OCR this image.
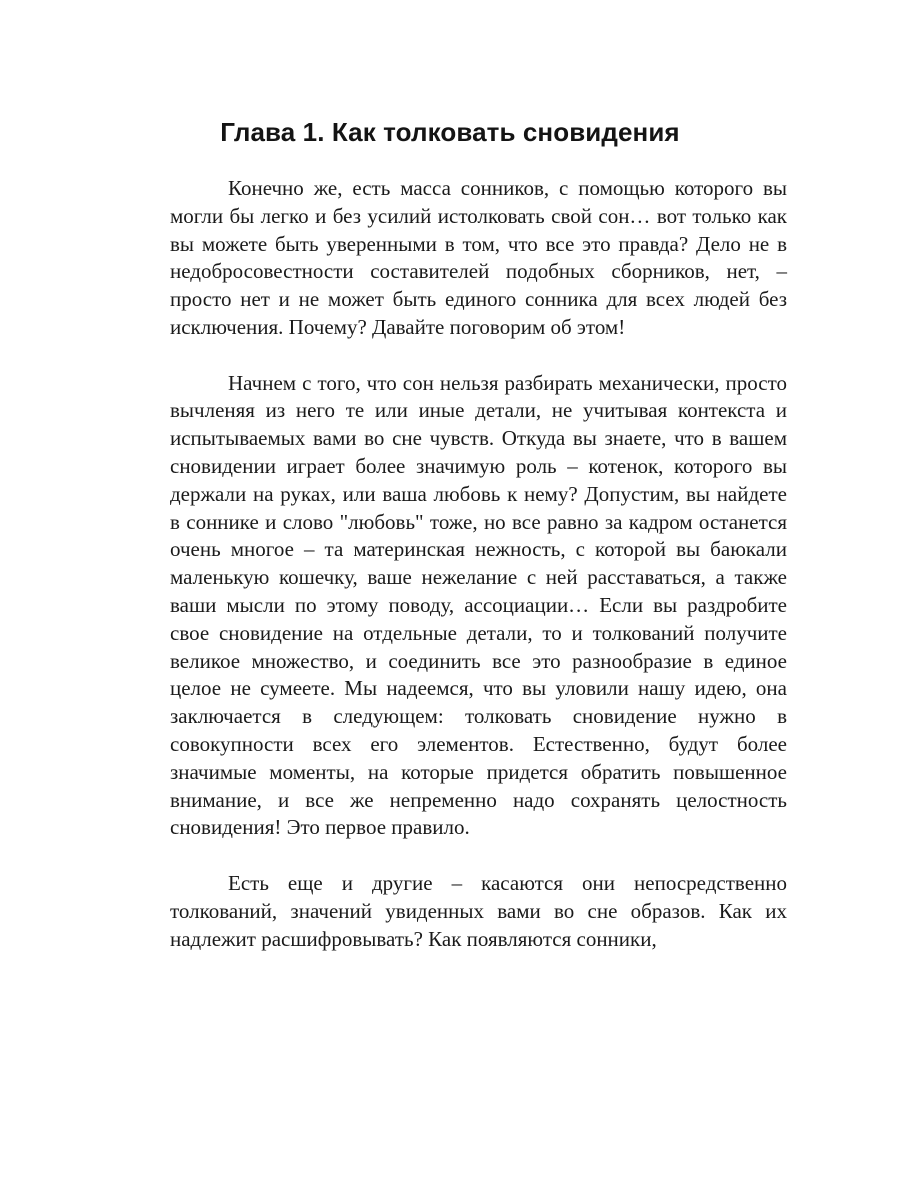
Глава 1. Как толковать сновидения

Конечно же, есть масса сонников, с помощью которого вы могли бы легко и без усилий истолковать свой сон… вот только как вы можете быть уверенными в том, что все это правда? Дело не в недобросовестности составителей подобных сборников, нет, – просто нет и не может быть единого сонника для всех людей без исключения. Почему? Давайте поговорим об этом!

Начнем с того, что сон нельзя разбирать механически, просто вычленяя из него те или иные детали, не учитывая контекста и испытываемых вами во сне чувств. Откуда вы знаете, что в вашем сновидении играет более значимую роль – котенок, которого вы держали на руках, или ваша любовь к нему? Допустим, вы найдете в соннике и слово "любовь" тоже, но все равно за кадром останется очень многое – та материнская нежность, с которой вы баюкали маленькую кошечку, ваше нежелание с ней расставаться, а также ваши мысли по этому поводу, ассоциации… Если вы раздробите свое сновидение на отдельные детали, то и толкований получите великое множество, и соединить все это разнообразие в единое целое не сумеете. Мы надеемся, что вы уловили нашу идею, она заключается в следующем: толковать сновидение нужно в совокупности всех его элементов. Естественно, будут более значимые моменты, на которые придется обратить повышенное внимание, и все же непременно надо сохранять целостность сновидения! Это первое правило.

Есть еще и другие – касаются они непосредственно толкований, значений увиденных вами во сне образов. Как их надлежит расшифровывать? Как появляются сонники,
